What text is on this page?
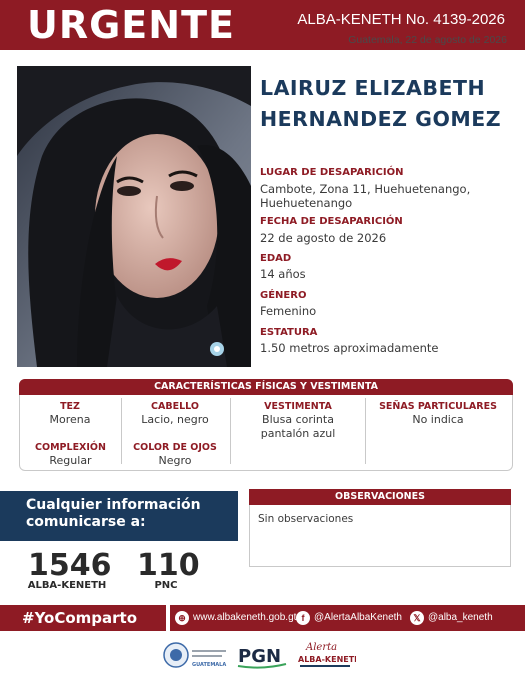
URGENTE	ALBA-KENETH No. 4139-2026
Guatemala, 22 de agosto de 2026
LAIRUZ ELIZABETH
HERNANDEZ GOMEZ
LUGAR DE DESAPARICIÓN
Cambote, Zona 11, Huehuetenango,
Huehuetenango
FECHA DE DESAPARICIÓN
22 de agosto de 2026
EDAD
14 años
GÉNERO
Femenino
ESTATURA
1.50 metros aproximadamente
CARACTERÍSTICAS FÍSICAS Y VESTIMENTA
TEZ
Morena
CABELLO
Lacio, negro
VESTIMENTA
Blusa corinta
pantalón azul
SEÑAS PARTICULARES
No indica
COMPLEXIÓN
Regular
COLOR DE OJOS
Negro
Cualquier información
comunicarse a:
1546
ALBA-KENETH
110
PNC
OBSERVACIONES
Sin observaciones
#YoComparto	⊕ www.albakeneth.gob.gt f @AlertaAlbaKeneth	𝕏 @alba_keneth
GUATEMALA PGN Alerta
ALBA-KENETH
